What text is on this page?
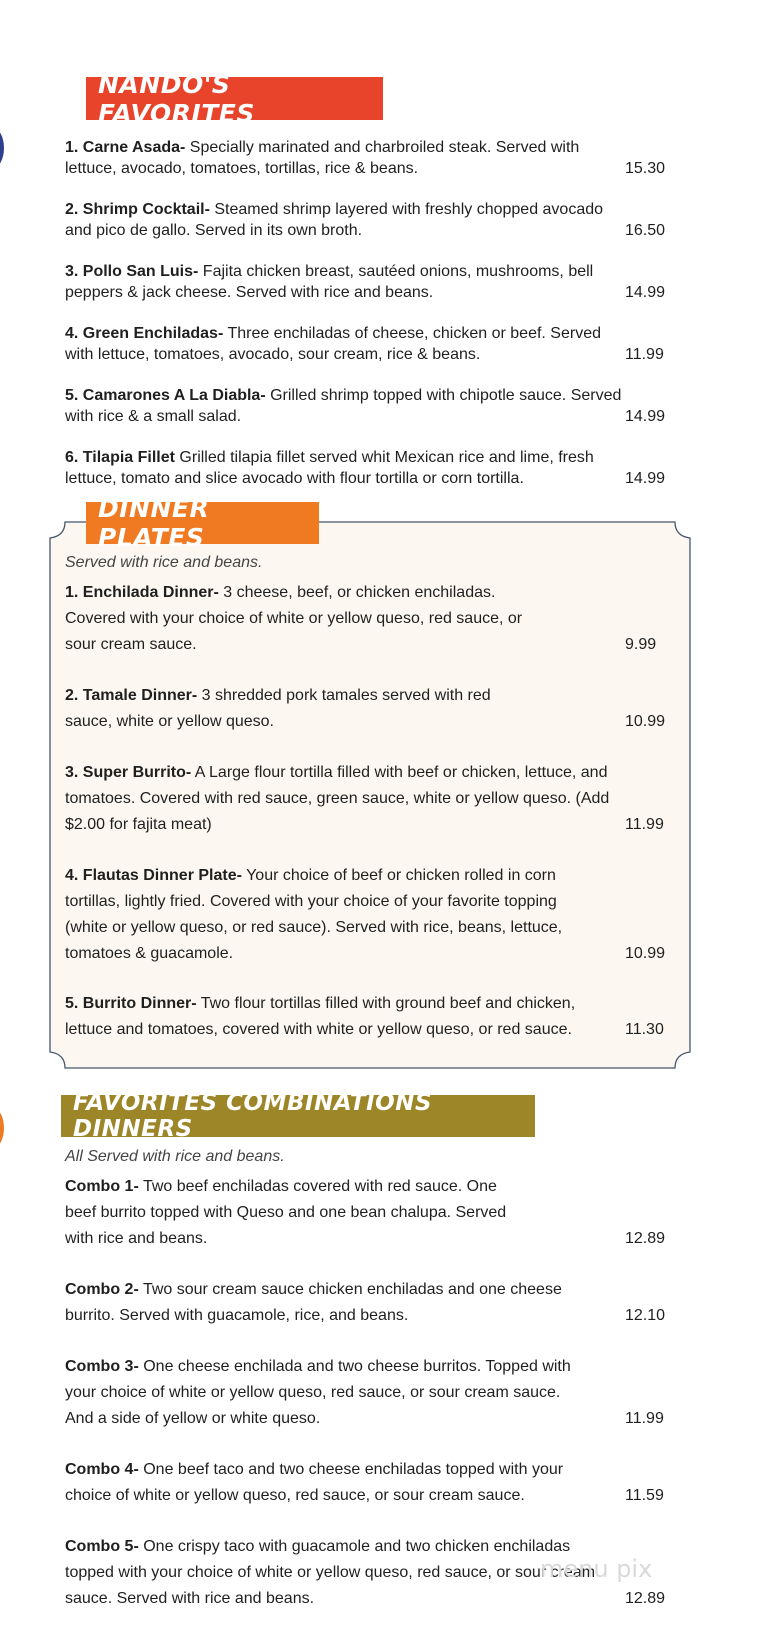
NANDO'S FAVORITES
1. Carne Asada- Specially marinated and charbroiled steak. Served with lettuce, avocado, tomatoes, tortillas, rice & beans.	15.30
2. Shrimp Cocktail- Steamed shrimp layered with freshly chopped avocado and pico de gallo. Served in its own broth.	16.50
3. Pollo San Luis- Fajita chicken breast, sautéed onions, mushrooms, bell peppers & jack cheese. Served with rice and beans.	14.99
4. Green Enchiladas- Three enchiladas of cheese, chicken or beef. Served with lettuce, tomatoes, avocado, sour cream, rice & beans.	11.99
5. Camarones A La Diabla- Grilled shrimp topped with chipotle sauce. Served with rice & a small salad.	14.99
6. Tilapia Fillet Grilled tilapia fillet served whit Mexican rice and lime, fresh lettuce, tomato and slice avocado with flour tortilla or corn tortilla.	14.99
DINNER PLATES
Served with rice and beans.
1. Enchilada Dinner- 3 cheese, beef, or chicken enchiladas. Covered with your choice of white or yellow queso, red sauce, or sour cream sauce.	9.99
2. Tamale Dinner- 3 shredded pork tamales served with red sauce, white or yellow queso.	10.99
3. Super Burrito- A Large flour tortilla filled with beef or chicken, lettuce, and tomatoes. Covered with red sauce, green sauce, white or yellow queso. (Add $2.00 for fajita meat)	11.99
4. Flautas Dinner Plate- Your choice of beef or chicken rolled in corn tortillas, lightly fried. Covered with your choice of your favorite topping (white or yellow queso, or red sauce). Served with rice, beans, lettuce, tomatoes & guacamole.	10.99
5. Burrito Dinner- Two flour tortillas filled with ground beef and chicken, lettuce and tomatoes, covered with white or yellow queso, or red sauce.	11.30
FAVORITES COMBINATIONS DINNERS
All Served with rice and beans.
Combo 1- Two beef enchiladas covered with red sauce. One beef burrito topped with Queso and one bean chalupa. Served with rice and beans.	12.89
Combo 2- Two sour cream sauce chicken enchiladas and one cheese burrito. Served with guacamole, rice, and beans.	12.10
Combo 3- One cheese enchilada and two cheese burritos. Topped with your choice of white or yellow queso, red sauce, or sour cream sauce. And a side of yellow or white queso.	11.99
Combo 4- One beef taco and two cheese enchiladas topped with your choice of white or yellow queso, red sauce, or sour cream sauce.	11.59
Combo 5- One crispy taco with guacamole and two chicken enchiladas topped with your choice of white or yellow queso, red sauce, or sour cream sauce. Served with rice and beans.	12.89
menu pix
